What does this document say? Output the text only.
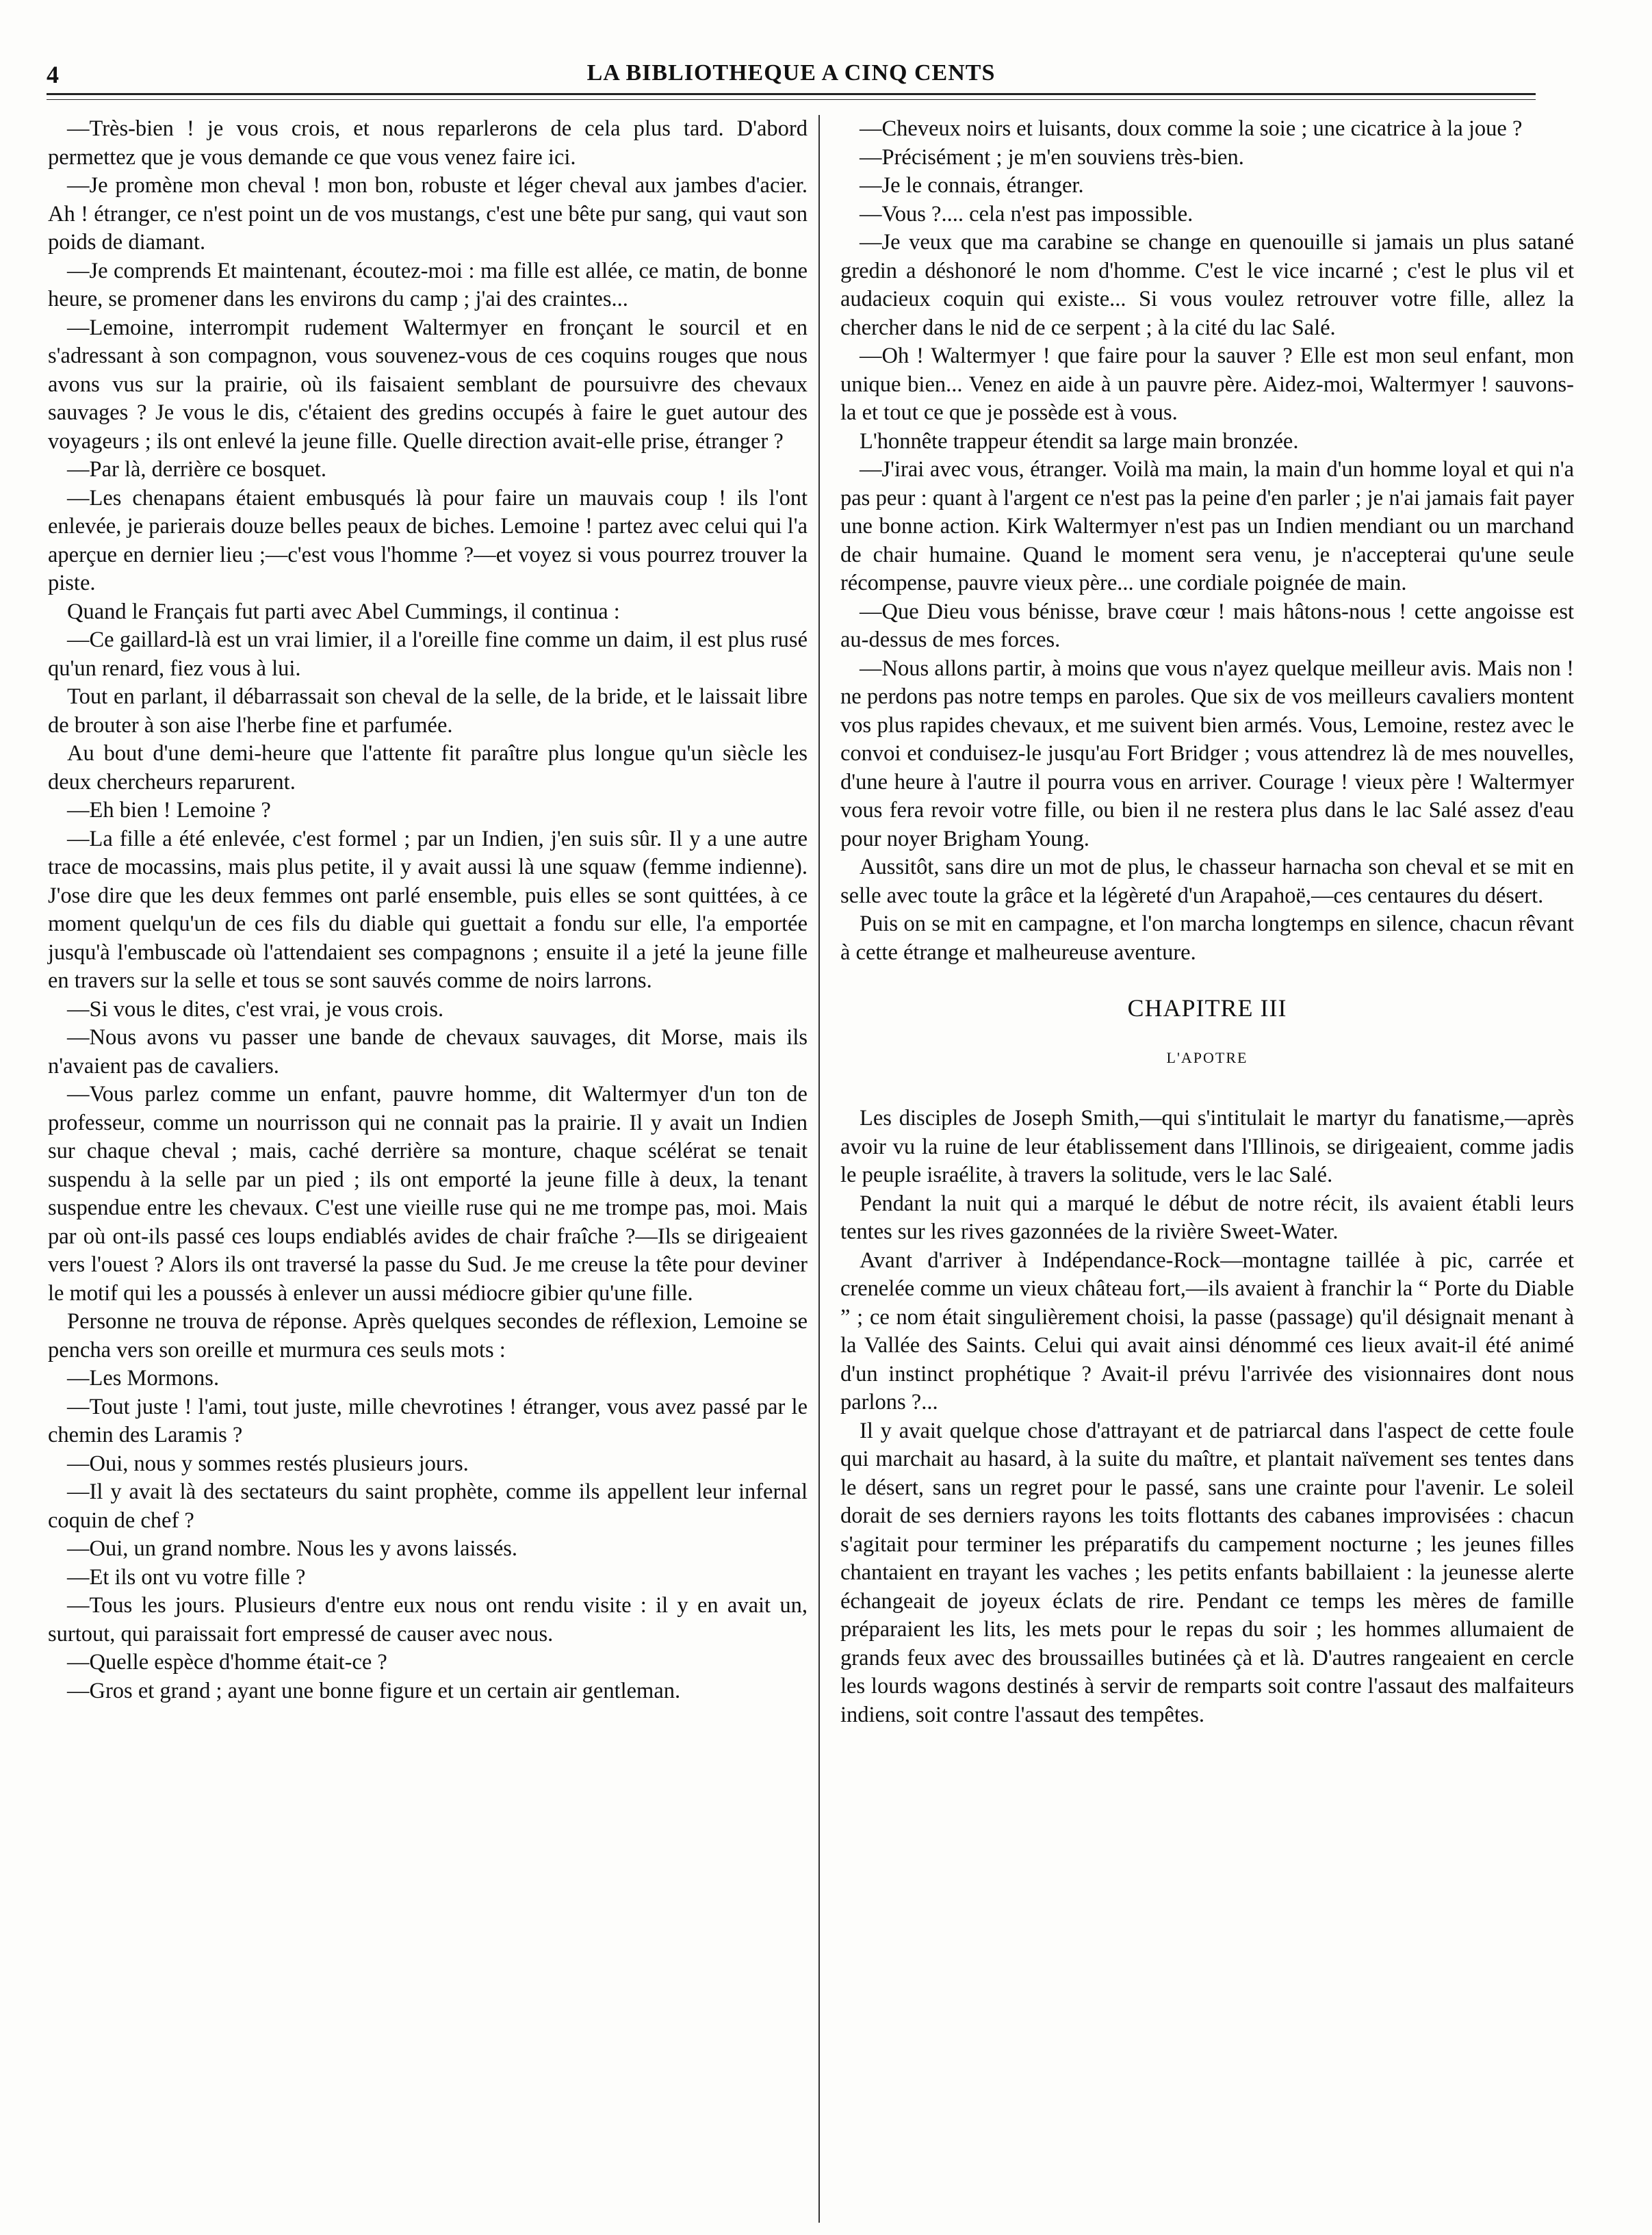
LA BIBLIOTHEQUE A CINQ CENTS
4

—Très-bien ! je vous crois, et nous reparlerons de cela plus tard. D'abord permettez que je vous demande ce que vous venez faire ici.

—Je promène mon cheval ! mon bon, robuste et léger cheval aux jambes d'acier. Ah ! étranger, ce n'est point un de vos mustangs, c'est une bête pur sang, qui vaut son poids de diamant.

—Je comprends Et maintenant, écoutez-moi : ma fille est allée, ce matin, de bonne heure, se promener dans les environs du camp ; j'ai des craintes...

—Lemoine, interrompit rudement Waltermyer en fronçant le sourcil et en s'adressant à son compagnon, vous souvenez-vous de ces coquins rouges que nous avons vus sur la prairie, où ils faisaient semblant de poursuivre des chevaux sauvages ? Je vous le dis, c'étaient des gredins occupés à faire le guet autour des voyageurs ; ils ont enlevé la jeune fille. Quelle direction avait-elle prise, étranger ?

—Par là, derrière ce bosquet.

—Les chenapans étaient embusqués là pour faire un mauvais coup ! ils l'ont enlevée, je parierais douze belles peaux de biches. Lemoine ! partez avec celui qui l'a aperçue en dernier lieu ;—c'est vous l'homme ?—et voyez si vous pourrez trouver la piste.

Quand le Français fut parti avec Abel Cummings, il continua :

—Ce gaillard-là est un vrai limier, il a l'oreille fine comme un daim, il est plus rusé qu'un renard, fiez vous à lui.

Tout en parlant, il débarrassait son cheval de la selle, de la bride, et le laissait libre de brouter à son aise l'herbe fine et parfumée.

Au bout d'une demi-heure que l'attente fit paraître plus longue qu'un siècle les deux chercheurs reparurent.

—Eh bien ! Lemoine ?

—La fille a été enlevée, c'est formel ; par un Indien, j'en suis sûr. Il y a une autre trace de mocassins, mais plus petite, il y avait aussi là une squaw (femme indienne). J'ose dire que les deux femmes ont parlé ensemble, puis elles se sont quittées, à ce moment quelqu'un de ces fils du diable qui guettait a fondu sur elle, l'a emportée jusqu'à l'embuscade où l'attendaient ses compagnons ; ensuite il a jeté la jeune fille en travers sur la selle et tous se sont sauvés comme de noirs larrons.

—Si vous le dites, c'est vrai, je vous crois.

—Nous avons vu passer une bande de chevaux sauvages, dit Morse, mais ils n'avaient pas de cavaliers.

—Vous parlez comme un enfant, pauvre homme, dit Waltermyer d'un ton de professeur, comme un nourrisson qui ne connait pas la prairie. Il y avait un Indien sur chaque cheval ; mais, caché derrière sa monture, chaque scélérat se tenait suspendu à la selle par un pied ; ils ont emporté la jeune fille à deux, la tenant suspendue entre les chevaux. C'est une vieille ruse qui ne me trompe pas, moi. Mais par où ont-ils passé ces loups endiablés avides de chair fraîche ?—Ils se dirigeaient vers l'ouest ? Alors ils ont traversé la passe du Sud. Je me creuse la tête pour deviner le motif qui les a poussés à enlever un aussi médiocre gibier qu'une fille.

Personne ne trouva de réponse. Après quelques secondes de réflexion, Lemoine se pencha vers son oreille et murmura ces seuls mots :

—Les Mormons.

—Tout juste ! l'ami, tout juste, mille chevrotines ! étranger, vous avez passé par le chemin des Laramis ?

—Oui, nous y sommes restés plusieurs jours.

—Il y avait là des sectateurs du saint prophète, comme ils appellent leur infernal coquin de chef ?

—Oui, un grand nombre. Nous les y avons laissés.

—Et ils ont vu votre fille ?

—Tous les jours. Plusieurs d'entre eux nous ont rendu visite : il y en avait un, surtout, qui paraissait fort empressé de causer avec nous.

—Quelle espèce d'homme était-ce ?

—Gros et grand ; ayant une bonne figure et un certain air gentleman.

—Cheveux noirs et luisants, doux comme la soie ; une cicatrice à la joue ?

—Précisément ; je m'en souviens très-bien.

—Je le connais, étranger.

—Vous ?.... cela n'est pas impossible.

—Je veux que ma carabine se change en quenouille si jamais un plus satané gredin a déshonoré le nom d'homme. C'est le vice incarné ; c'est le plus vil et audacieux coquin qui existe... Si vous voulez retrouver votre fille, allez la chercher dans le nid de ce serpent ; à la cité du lac Salé.

—Oh ! Waltermyer ! que faire pour la sauver ? Elle est mon seul enfant, mon unique bien... Venez en aide à un pauvre père. Aidez-moi, Waltermyer ! sauvons-la et tout ce que je possède est à vous.

L'honnête trappeur étendit sa large main bronzée.

—J'irai avec vous, étranger. Voilà ma main, la main d'un homme loyal et qui n'a pas peur : quant à l'argent ce n'est pas la peine d'en parler ; je n'ai jamais fait payer une bonne action. Kirk Waltermyer n'est pas un Indien mendiant ou un marchand de chair humaine. Quand le moment sera venu, je n'accepterai qu'une seule récompense, pauvre vieux père... une cordiale poignée de main.

—Que Dieu vous bénisse, brave cœur ! mais hâtons-nous ! cette angoisse est au-dessus de mes forces.

—Nous allons partir, à moins que vous n'ayez quelque meilleur avis. Mais non ! ne perdons pas notre temps en paroles. Que six de vos meilleurs cavaliers montent vos plus rapides chevaux, et me suivent bien armés. Vous, Lemoine, restez avec le convoi et conduisez-le jusqu'au Fort Bridger ; vous attendrez là de mes nouvelles, d'une heure à l'autre il pourra vous en arriver. Courage ! vieux père ! Waltermyer vous fera revoir votre fille, ou bien il ne restera plus dans le lac Salé assez d'eau pour noyer Brigham Young.

Aussitôt, sans dire un mot de plus, le chasseur harnacha son cheval et se mit en selle avec toute la grâce et la légèreté d'un Arapahoë,—ces centaures du désert.

Puis on se mit en campagne, et l'on marcha longtemps en silence, chacun rêvant à cette étrange et malheureuse aventure.

CHAPITRE III
L'APOTRE

Les disciples de Joseph Smith,—qui s'intitulait le martyr du fanatisme,—après avoir vu la ruine de leur établissement dans l'Illinois, se dirigeaient, comme jadis le peuple israélite, à travers la solitude, vers le lac Salé.

Pendant la nuit qui a marqué le début de notre récit, ils avaient établi leurs tentes sur les rives gazonnées de la rivière Sweet-Water.

Avant d'arriver à Indépendance-Rock—montagne taillée à pic, carrée et crenelée comme un vieux château fort,—ils avaient à franchir la “ Porte du Diable ” ; ce nom était singulièrement choisi, la passe (passage) qu'il désignait menant à la Vallée des Saints. Celui qui avait ainsi dénommé ces lieux avait-il été animé d'un instinct prophétique ? Avait-il prévu l'arrivée des visionnaires dont nous parlons ?...

Il y avait quelque chose d'attrayant et de patriarcal dans l'aspect de cette foule qui marchait au hasard, à la suite du maître, et plantait naïvement ses tentes dans le désert, sans un regret pour le passé, sans une crainte pour l'avenir. Le soleil dorait de ses derniers rayons les toits flottants des cabanes improvisées : chacun s'agitait pour terminer les préparatifs du campement nocturne ; les jeunes filles chantaient en trayant les vaches ; les petits enfants babillaient : la jeunesse alerte échangeait de joyeux éclats de rire. Pendant ce temps les mères de famille préparaient les lits, les mets pour le repas du soir ; les hommes allumaient de grands feux avec des broussailles butinées çà et là. D'autres rangeaient en cercle les lourds wagons destinés à servir de remparts soit contre l'assaut des malfaiteurs indiens, soit contre l'assaut des tempêtes.
